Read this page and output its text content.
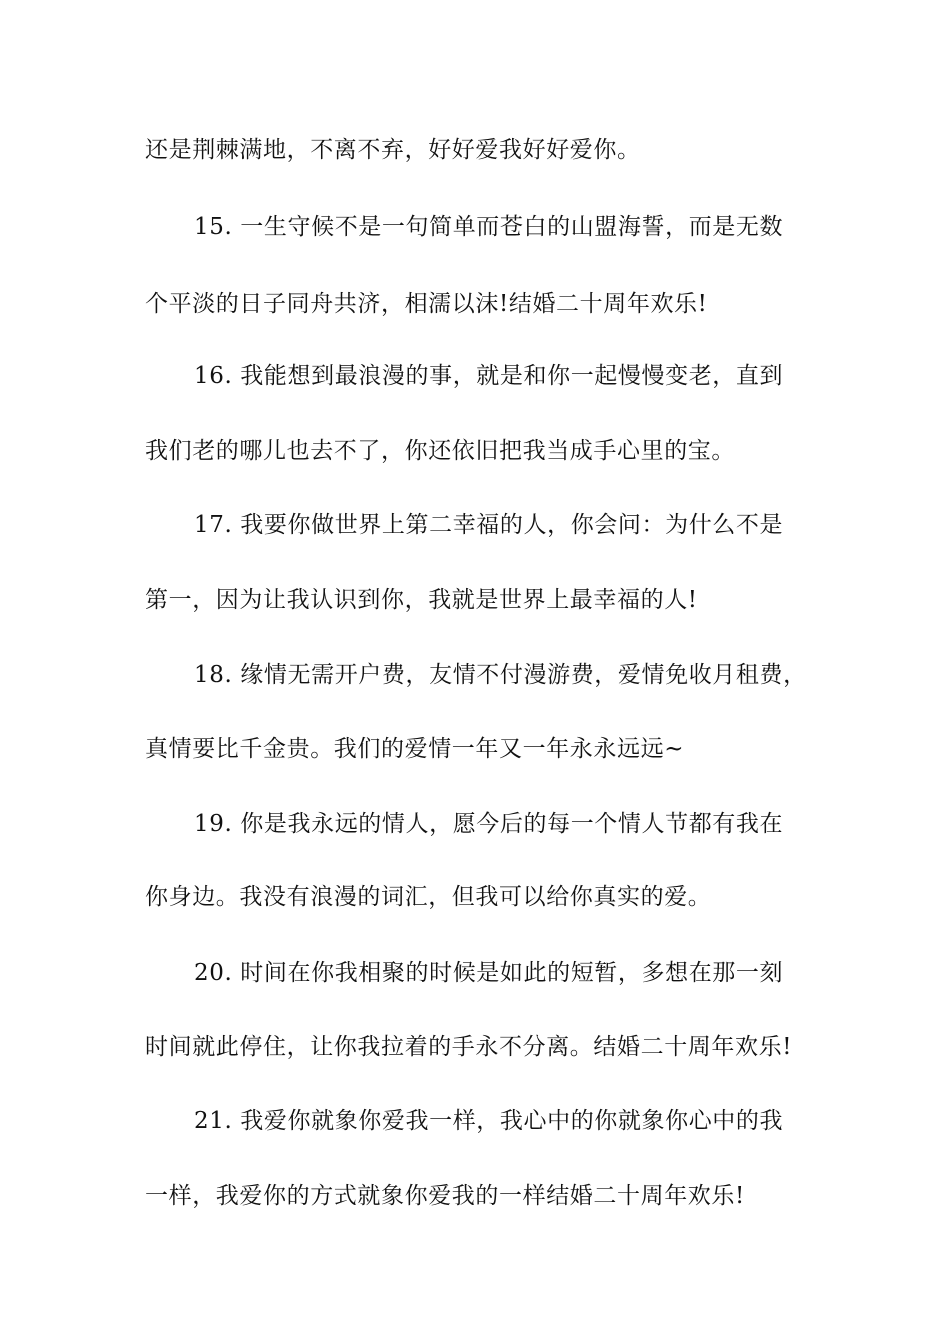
还是荆棘满地，不离不弃，好好爱我好好爱你。
15. 一生守候不是一句简单而苍白的山盟海誓，而是无数
个平淡的日子同舟共济，相濡以沫!结婚二十周年欢乐!
16. 我能想到最浪漫的事，就是和你一起慢慢变老，直到
我们老的哪儿也去不了，你还依旧把我当成手心里的宝。
17. 我要你做世界上第二幸福的人，你会问：为什么不是
第一，因为让我认识到你，我就是世界上最幸福的人!
18. 缘情无需开户费，友情不付漫游费，爱情免收月租费，
真情要比千金贵。我们的爱情一年又一年永永远远~
19. 你是我永远的情人，愿今后的每一个情人节都有我在
你身边。我没有浪漫的词汇，但我可以给你真实的爱。
20. 时间在你我相聚的时候是如此的短暂，多想在那一刻
时间就此停住，让你我拉着的手永不分离。结婚二十周年欢乐!
21. 我爱你就象你爱我一样，我心中的你就象你心中的我
一样，我爱你的方式就象你爱我的一样结婚二十周年欢乐!
